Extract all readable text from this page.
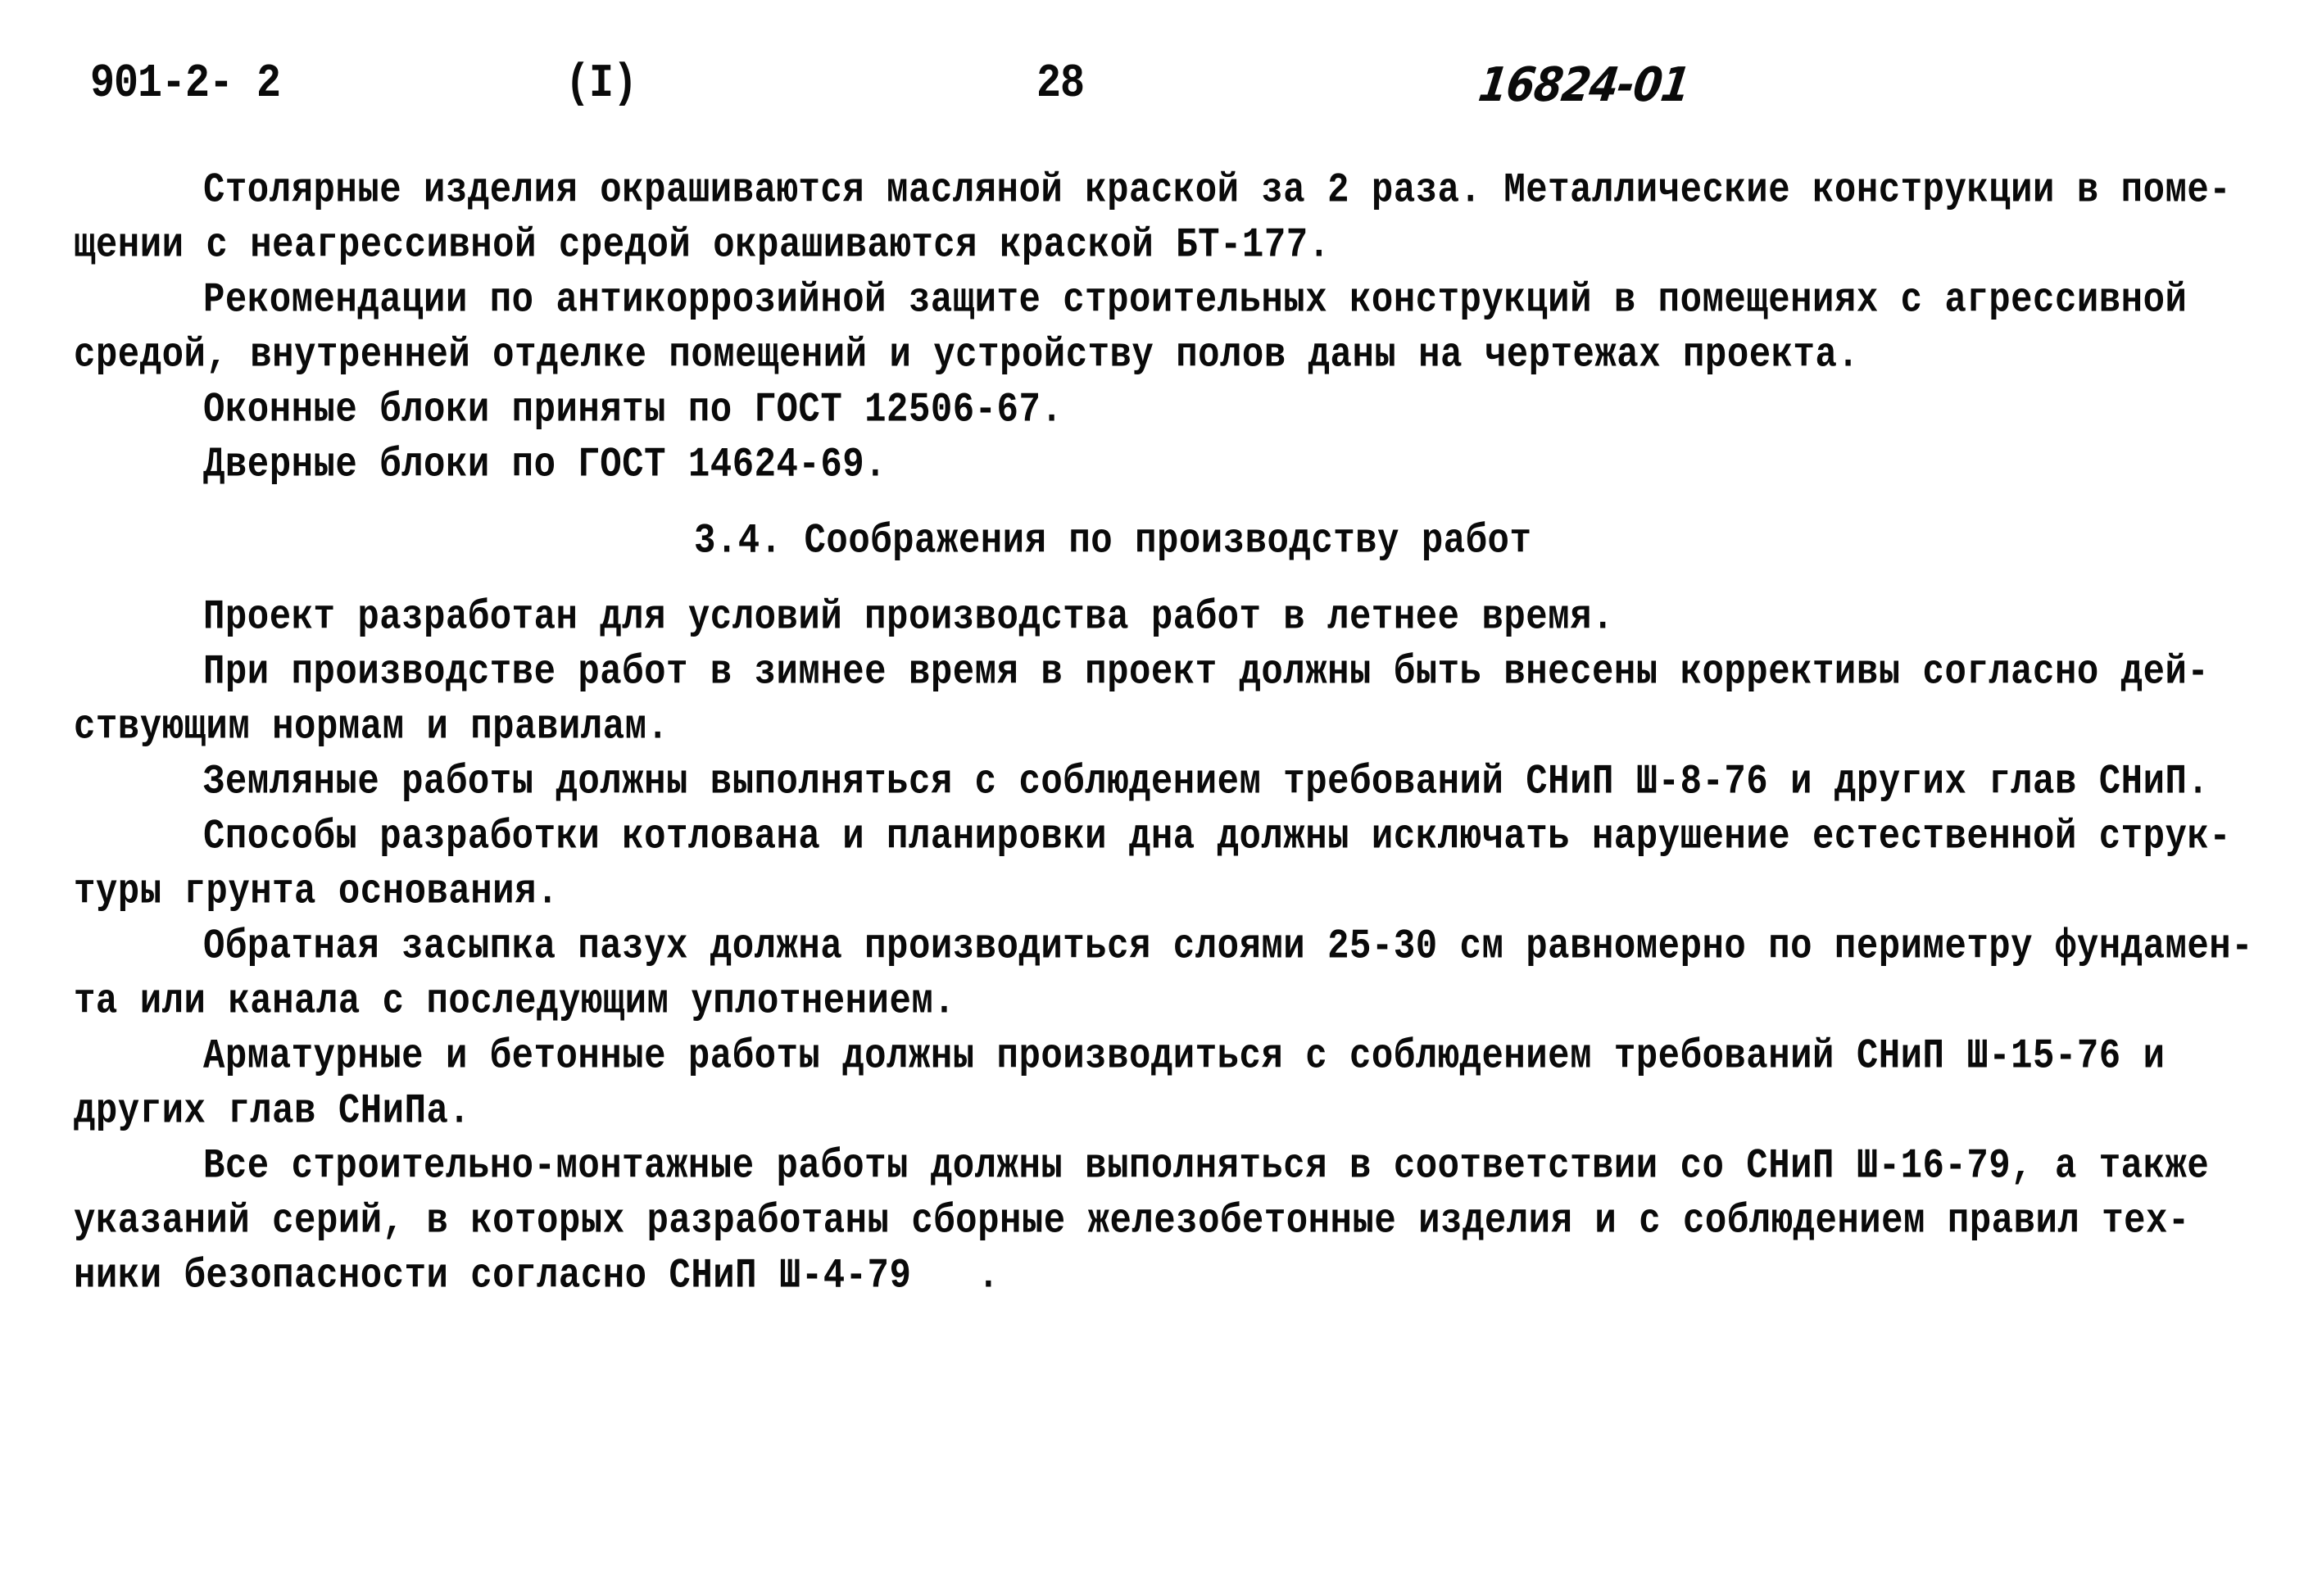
901-2- 2	(I)	28	16824-01
Столярные изделия окрашиваются масляной краской за 2 раза. Металлические конструкции в поме-
щении с неагрессивной средой окрашиваются краской БТ-177.
Рекомендации по антикоррозийной защите строительных конструкций в помещениях с агрессивной
средой, внутренней отделке помещений и устройству полов даны на чертежах проекта.
Оконные блоки приняты по ГОСТ 12506-67.
Дверные блоки по ГОСТ 14624-69.
3.4. Соображения по производству работ
Проект разработан для условий производства работ в летнее время.
При производстве работ в зимнее время в проект должны быть внесены коррективы согласно дей-
ствующим нормам и правилам.
Земляные работы должны выполняться с соблюдением требований СНиП Ш-8-76 и других глав СНиП.
Способы разработки котлована и планировки дна должны исключать нарушение естественной струк-
туры грунта основания.
Обратная засыпка пазух должна производиться слоями 25-30 см равномерно по периметру фундамен-
та или канала с последующим уплотнением.
Арматурные и бетонные работы должны производиться с соблюдением требований СНиП Ш-15-76 и
других глав СНиПа.
Все строительно-монтажные работы должны выполняться в соответствии со СНиП Ш-16-79, а также
указаний серий, в которых разработаны сборные железобетонные изделия и с соблюдением правил тех-
ники безопасности согласно СНиП Ш-4-79   .
